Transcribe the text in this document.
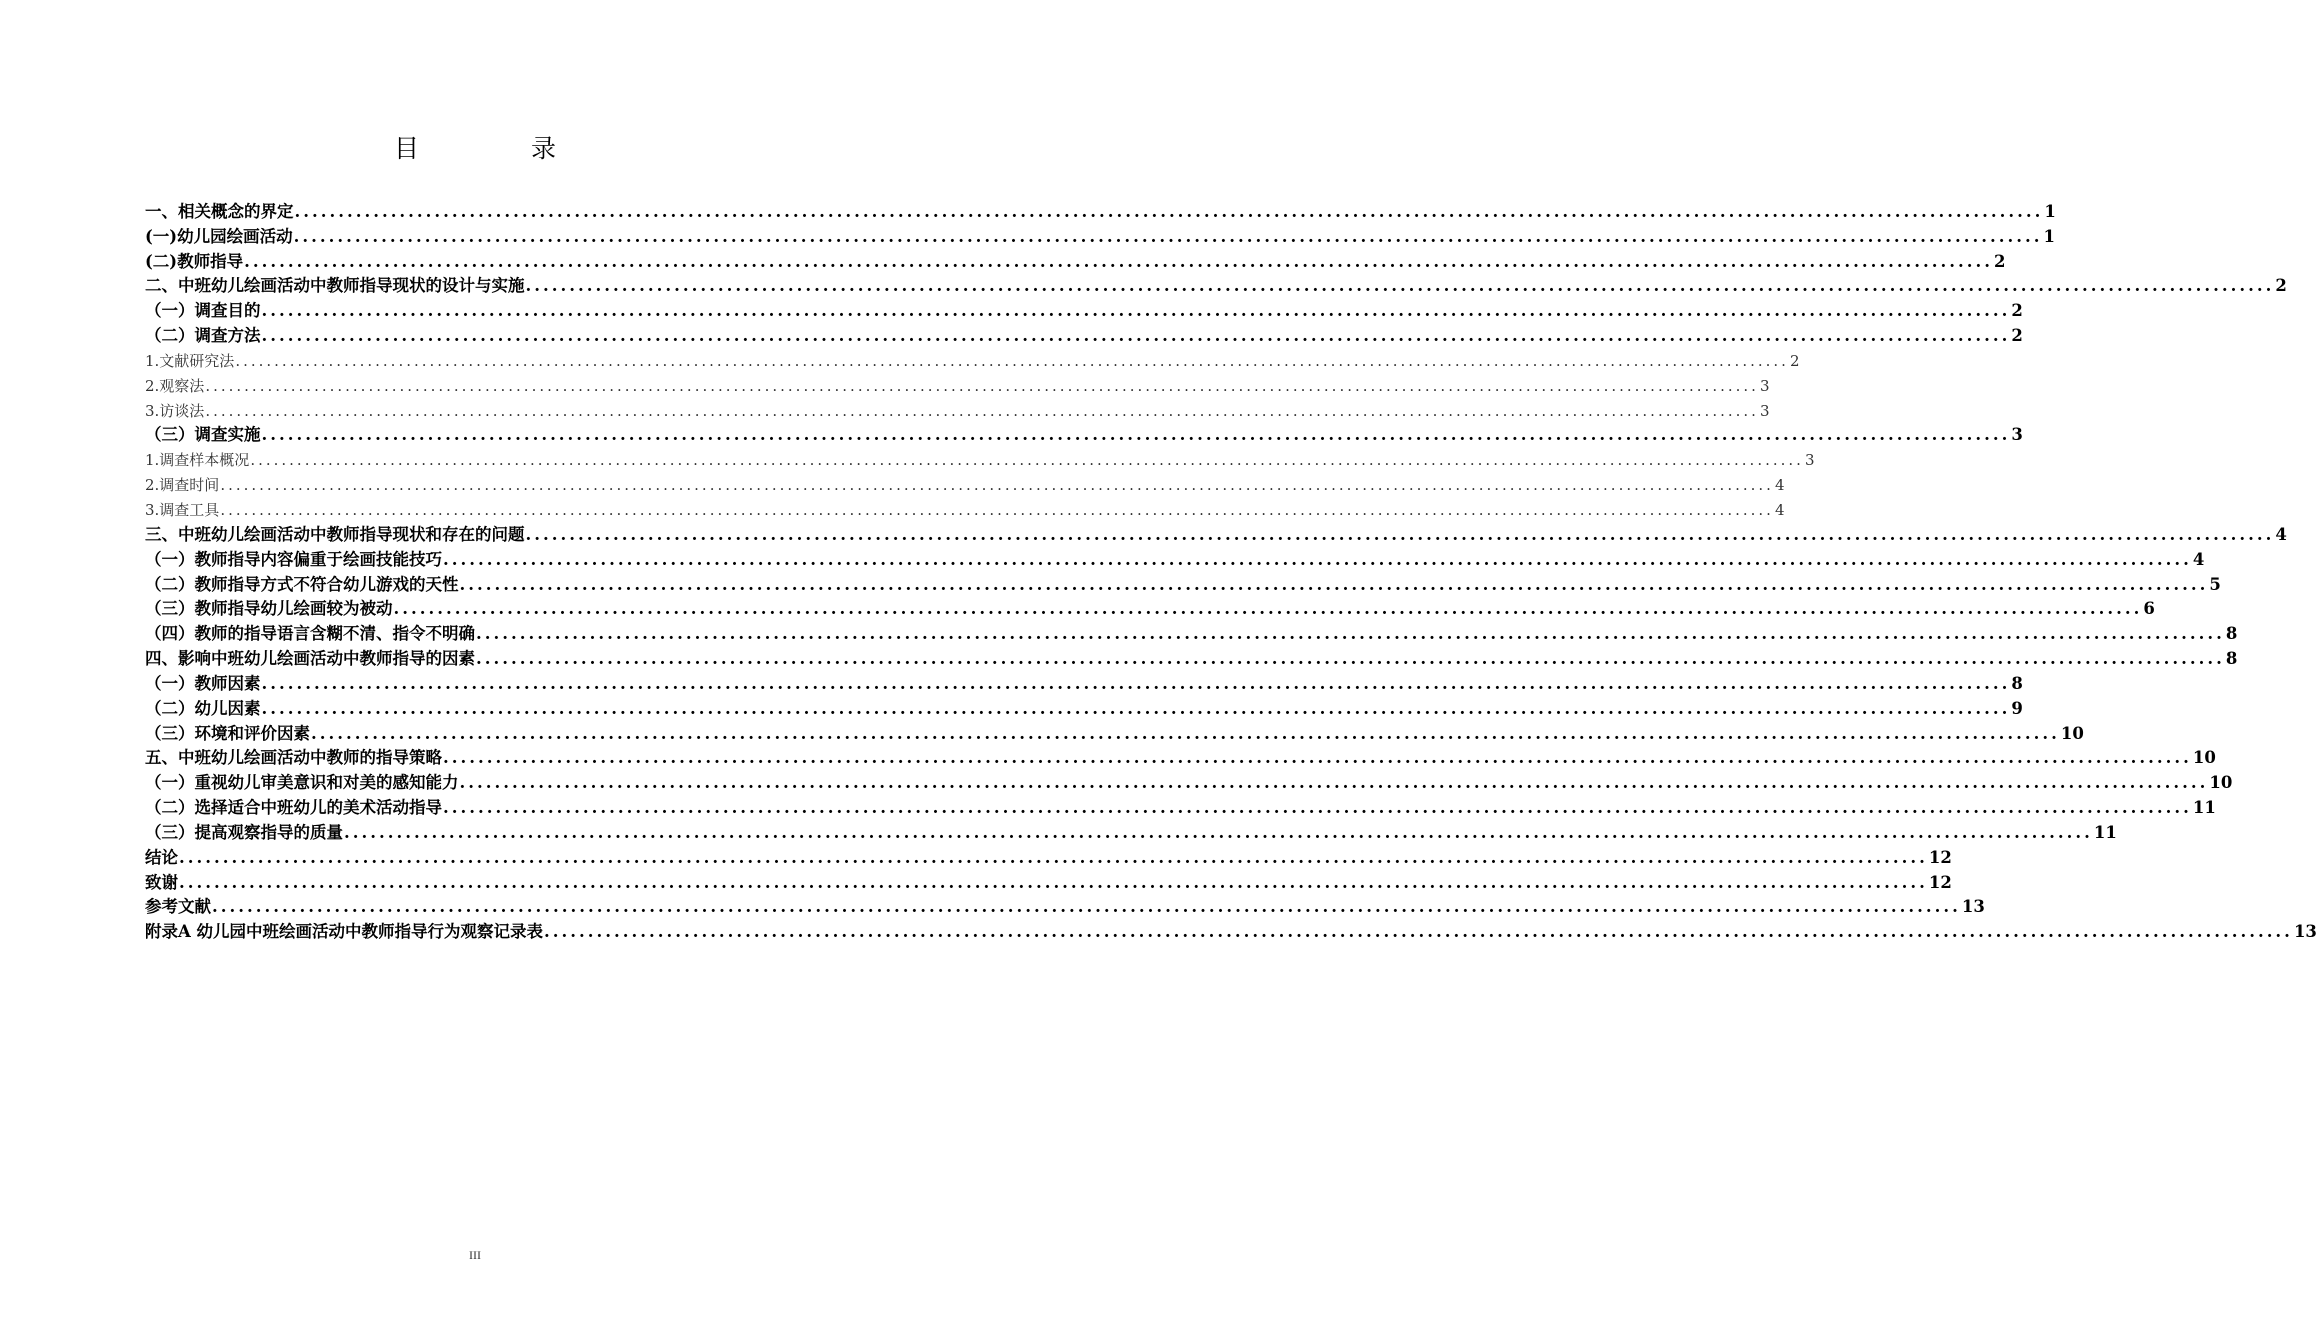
目 录
一、相关概念的界定 ........................................................................................................................................................................................................ 1
(一)幼儿园绘画活动 ........................................................................................................................................................................................................ 1
(二)教师指导 ........................................................................................................................................................................................................ 2
二、中班幼儿绘画活动中教师指导现状的设计与实施 ........................................................................................................................................................................................................ 2
（一）调查目的 ........................................................................................................................................................................................................ 2
（二）调查方法 ........................................................................................................................................................................................................ 2
1.文献研究法 ........................................................................................................................................................................................................ 2
2.观察法 ........................................................................................................................................................................................................ 3
3.访谈法 ........................................................................................................................................................................................................ 3
（三）调查实施 ........................................................................................................................................................................................................ 3
1.调查样本概况 ........................................................................................................................................................................................................ 3
2.调查时间 ........................................................................................................................................................................................................ 4
3.调查工具 ........................................................................................................................................................................................................ 4
三、中班幼儿绘画活动中教师指导现状和存在的问题 ........................................................................................................................................................................................................ 4
（一）教师指导内容偏重于绘画技能技巧 ........................................................................................................................................................................................................ 4
（二）教师指导方式不符合幼儿游戏的天性 ........................................................................................................................................................................................................ 5
（三）教师指导幼儿绘画较为被动 ........................................................................................................................................................................................................ 6
（四）教师的指导语言含糊不清、指令不明确 ........................................................................................................................................................................................................ 8
四、影响中班幼儿绘画活动中教师指导的因素 ........................................................................................................................................................................................................ 8
（一）教师因素 ........................................................................................................................................................................................................ 8
（二）幼儿因素 ........................................................................................................................................................................................................ 9
（三）环境和评价因素 ........................................................................................................................................................................................................ 10
五、中班幼儿绘画活动中教师的指导策略 ........................................................................................................................................................................................................ 10
（一）重视幼儿审美意识和对美的感知能力 ........................................................................................................................................................................................................ 10
（二）选择适合中班幼儿的美术活动指导 ........................................................................................................................................................................................................ 11
（三）提高观察指导的质量 ........................................................................................................................................................................................................ 11
结论 ........................................................................................................................................................................................................ 12
致谢 ........................................................................................................................................................................................................ 12
参考文献 ........................................................................................................................................................................................................ 13
附录A 幼儿园中班绘画活动中教师指导行为观察记录表 ........................................................................................................................................................................................................ 13
III
